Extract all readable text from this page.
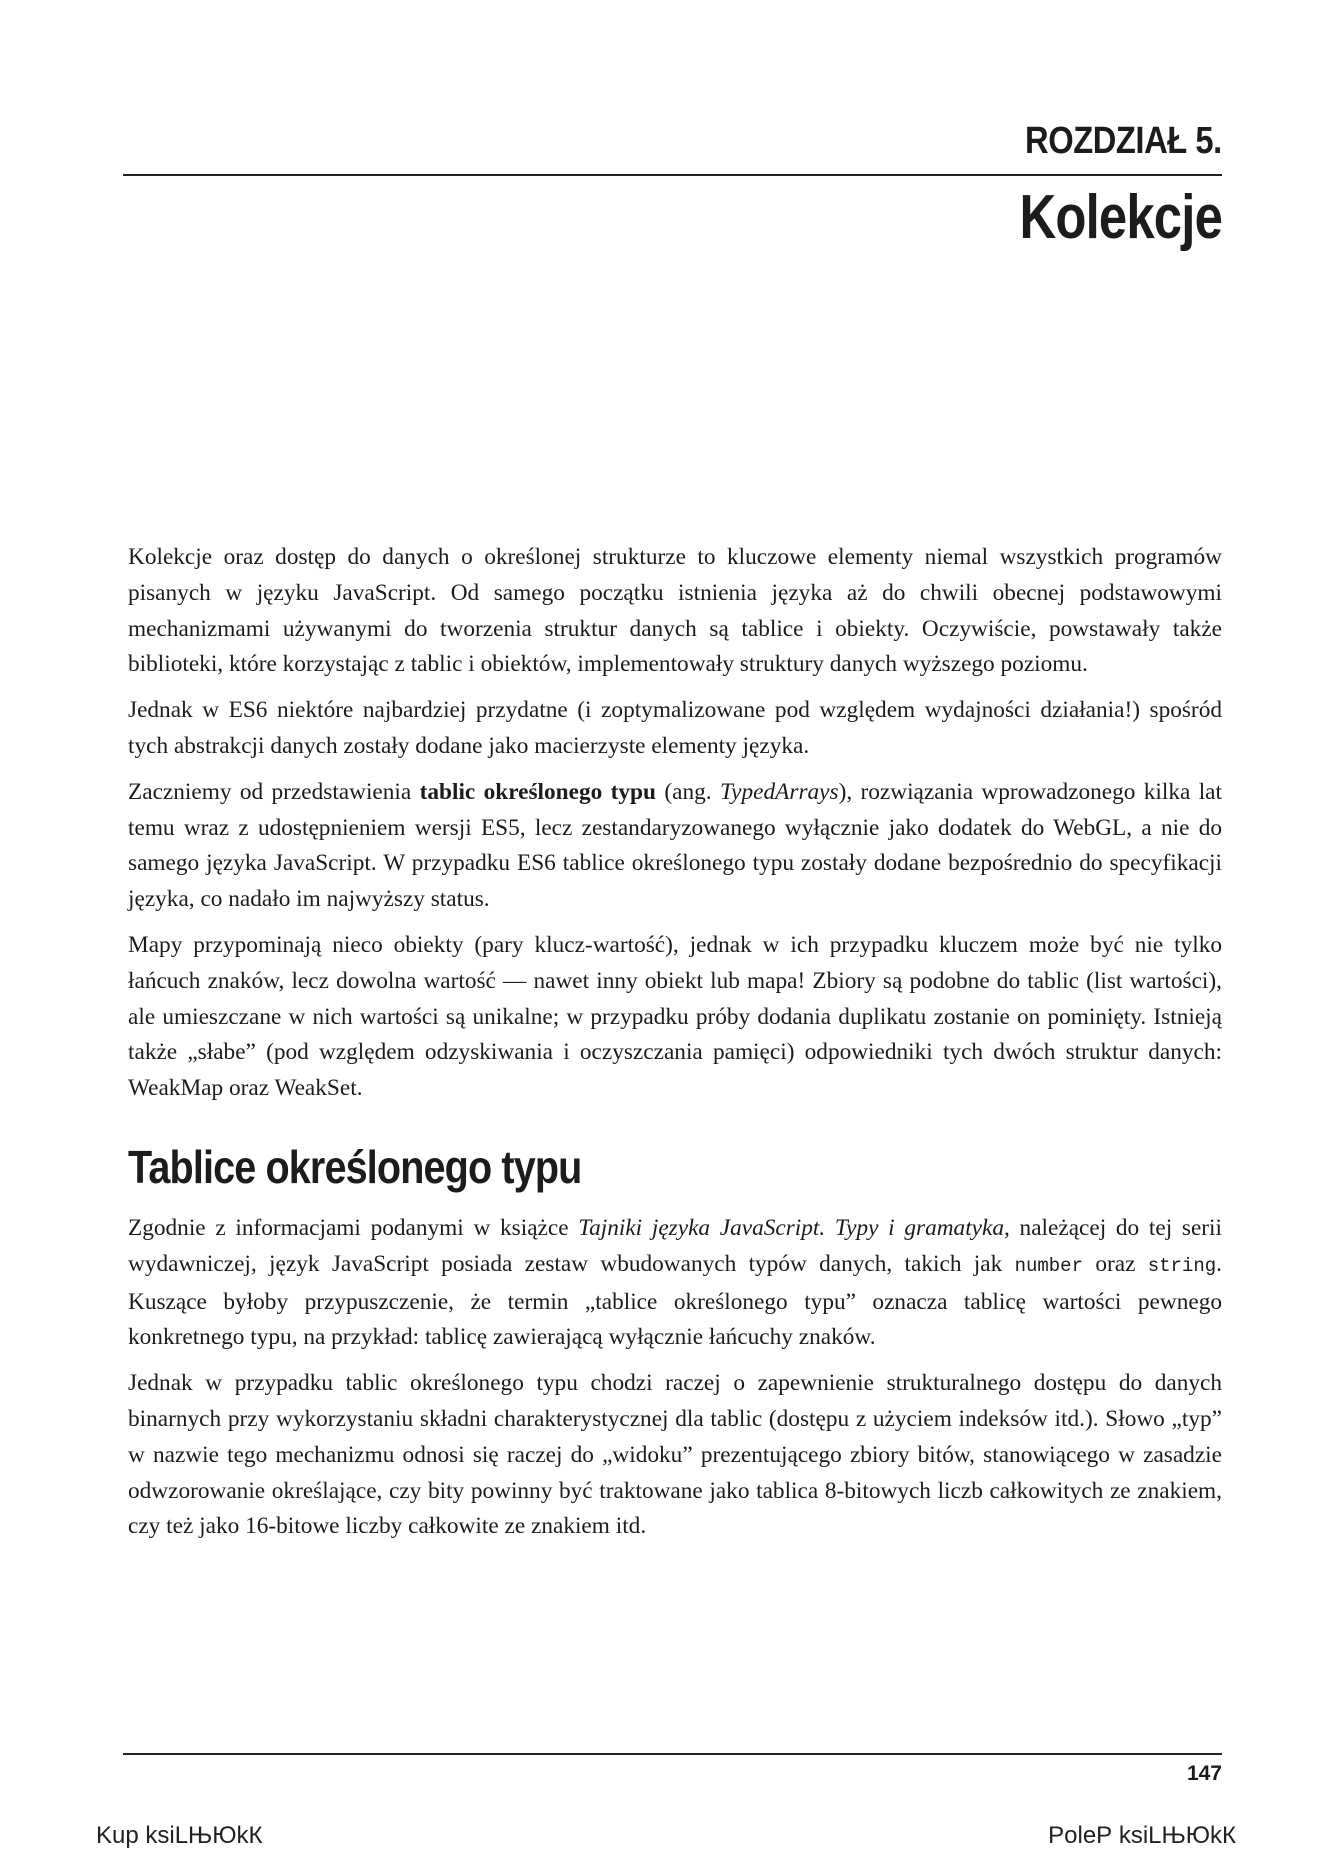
ROZDZIAŁ 5.
Kolekcje

Kolekcje oraz dostęp do danych o określonej strukturze to kluczowe elementy niemal wszystkich programów pisanych w języku JavaScript. Od samego początku istnienia języka aż do chwili obecnej podstawowymi mechanizmami używanymi do tworzenia struktur danych są tablice i obiekty. Oczywiście, powstawały także biblioteki, które korzystając z tablic i obiektów, implementowały struktury danych wyższego poziomu.

Jednak w ES6 niektóre najbardziej przydatne (i zoptymalizowane pod względem wydajności działania!) spośród tych abstrakcji danych zostały dodane jako macierzyste elementy języka.

Zaczniemy od przedstawienia tablic określonego typu (ang. TypedArrays), rozwiązania wprowadzonego kilka lat temu wraz z udostępnieniem wersji ES5, lecz zestandaryzowanego wyłącznie jako dodatek do WebGL, a nie do samego języka JavaScript. W przypadku ES6 tablice określonego typu zostały dodane bezpośrednio do specyfikacji języka, co nadało im najwyższy status.

Mapy przypominają nieco obiekty (pary klucz-wartość), jednak w ich przypadku kluczem może być nie tylko łańcuch znaków, lecz dowolna wartość — nawet inny obiekt lub mapa! Zbiory są podobne do tablic (list wartości), ale umieszczane w nich wartości są unikalne; w przypadku próby dodania duplikatu zostanie on pominięty. Istnieją także „słabe” (pod względem odzyskiwania i oczyszczania pamięci) odpowiedniki tych dwóch struktur danych: WeakMap oraz WeakSet.

Tablice określonego typu

Zgodnie z informacjami podanymi w książce Tajniki języka JavaScript. Typy i gramatyka, należącej do tej serii wydawniczej, język JavaScript posiada zestaw wbudowanych typów danych, takich jak number oraz string. Kuszące byłoby przypuszczenie, że termin „tablice określonego typu” oznacza tablicę wartości pewnego konkretnego typu, na przykład: tablicę zawierającą wyłącznie łańcuchy znaków.

Jednak w przypadku tablic określonego typu chodzi raczej o zapewnienie strukturalnego dostępu do danych binarnych przy wykorzystaniu składni charakterystycznej dla tablic (dostępu z użyciem indeksów itd.). Słowo „typ” w nazwie tego mechanizmu odnosi się raczej do „widoku” prezentującego zbiory bitów, stanowiącego w zasadzie odwzorowanie określające, czy bity powinny być traktowane jako tablica 8-bitowych liczb całkowitych ze znakiem, czy też jako 16-bitowe liczby całkowite ze znakiem itd.

147
Kup ksiLЊЮkК	PoleР ksiLЊЮkК
